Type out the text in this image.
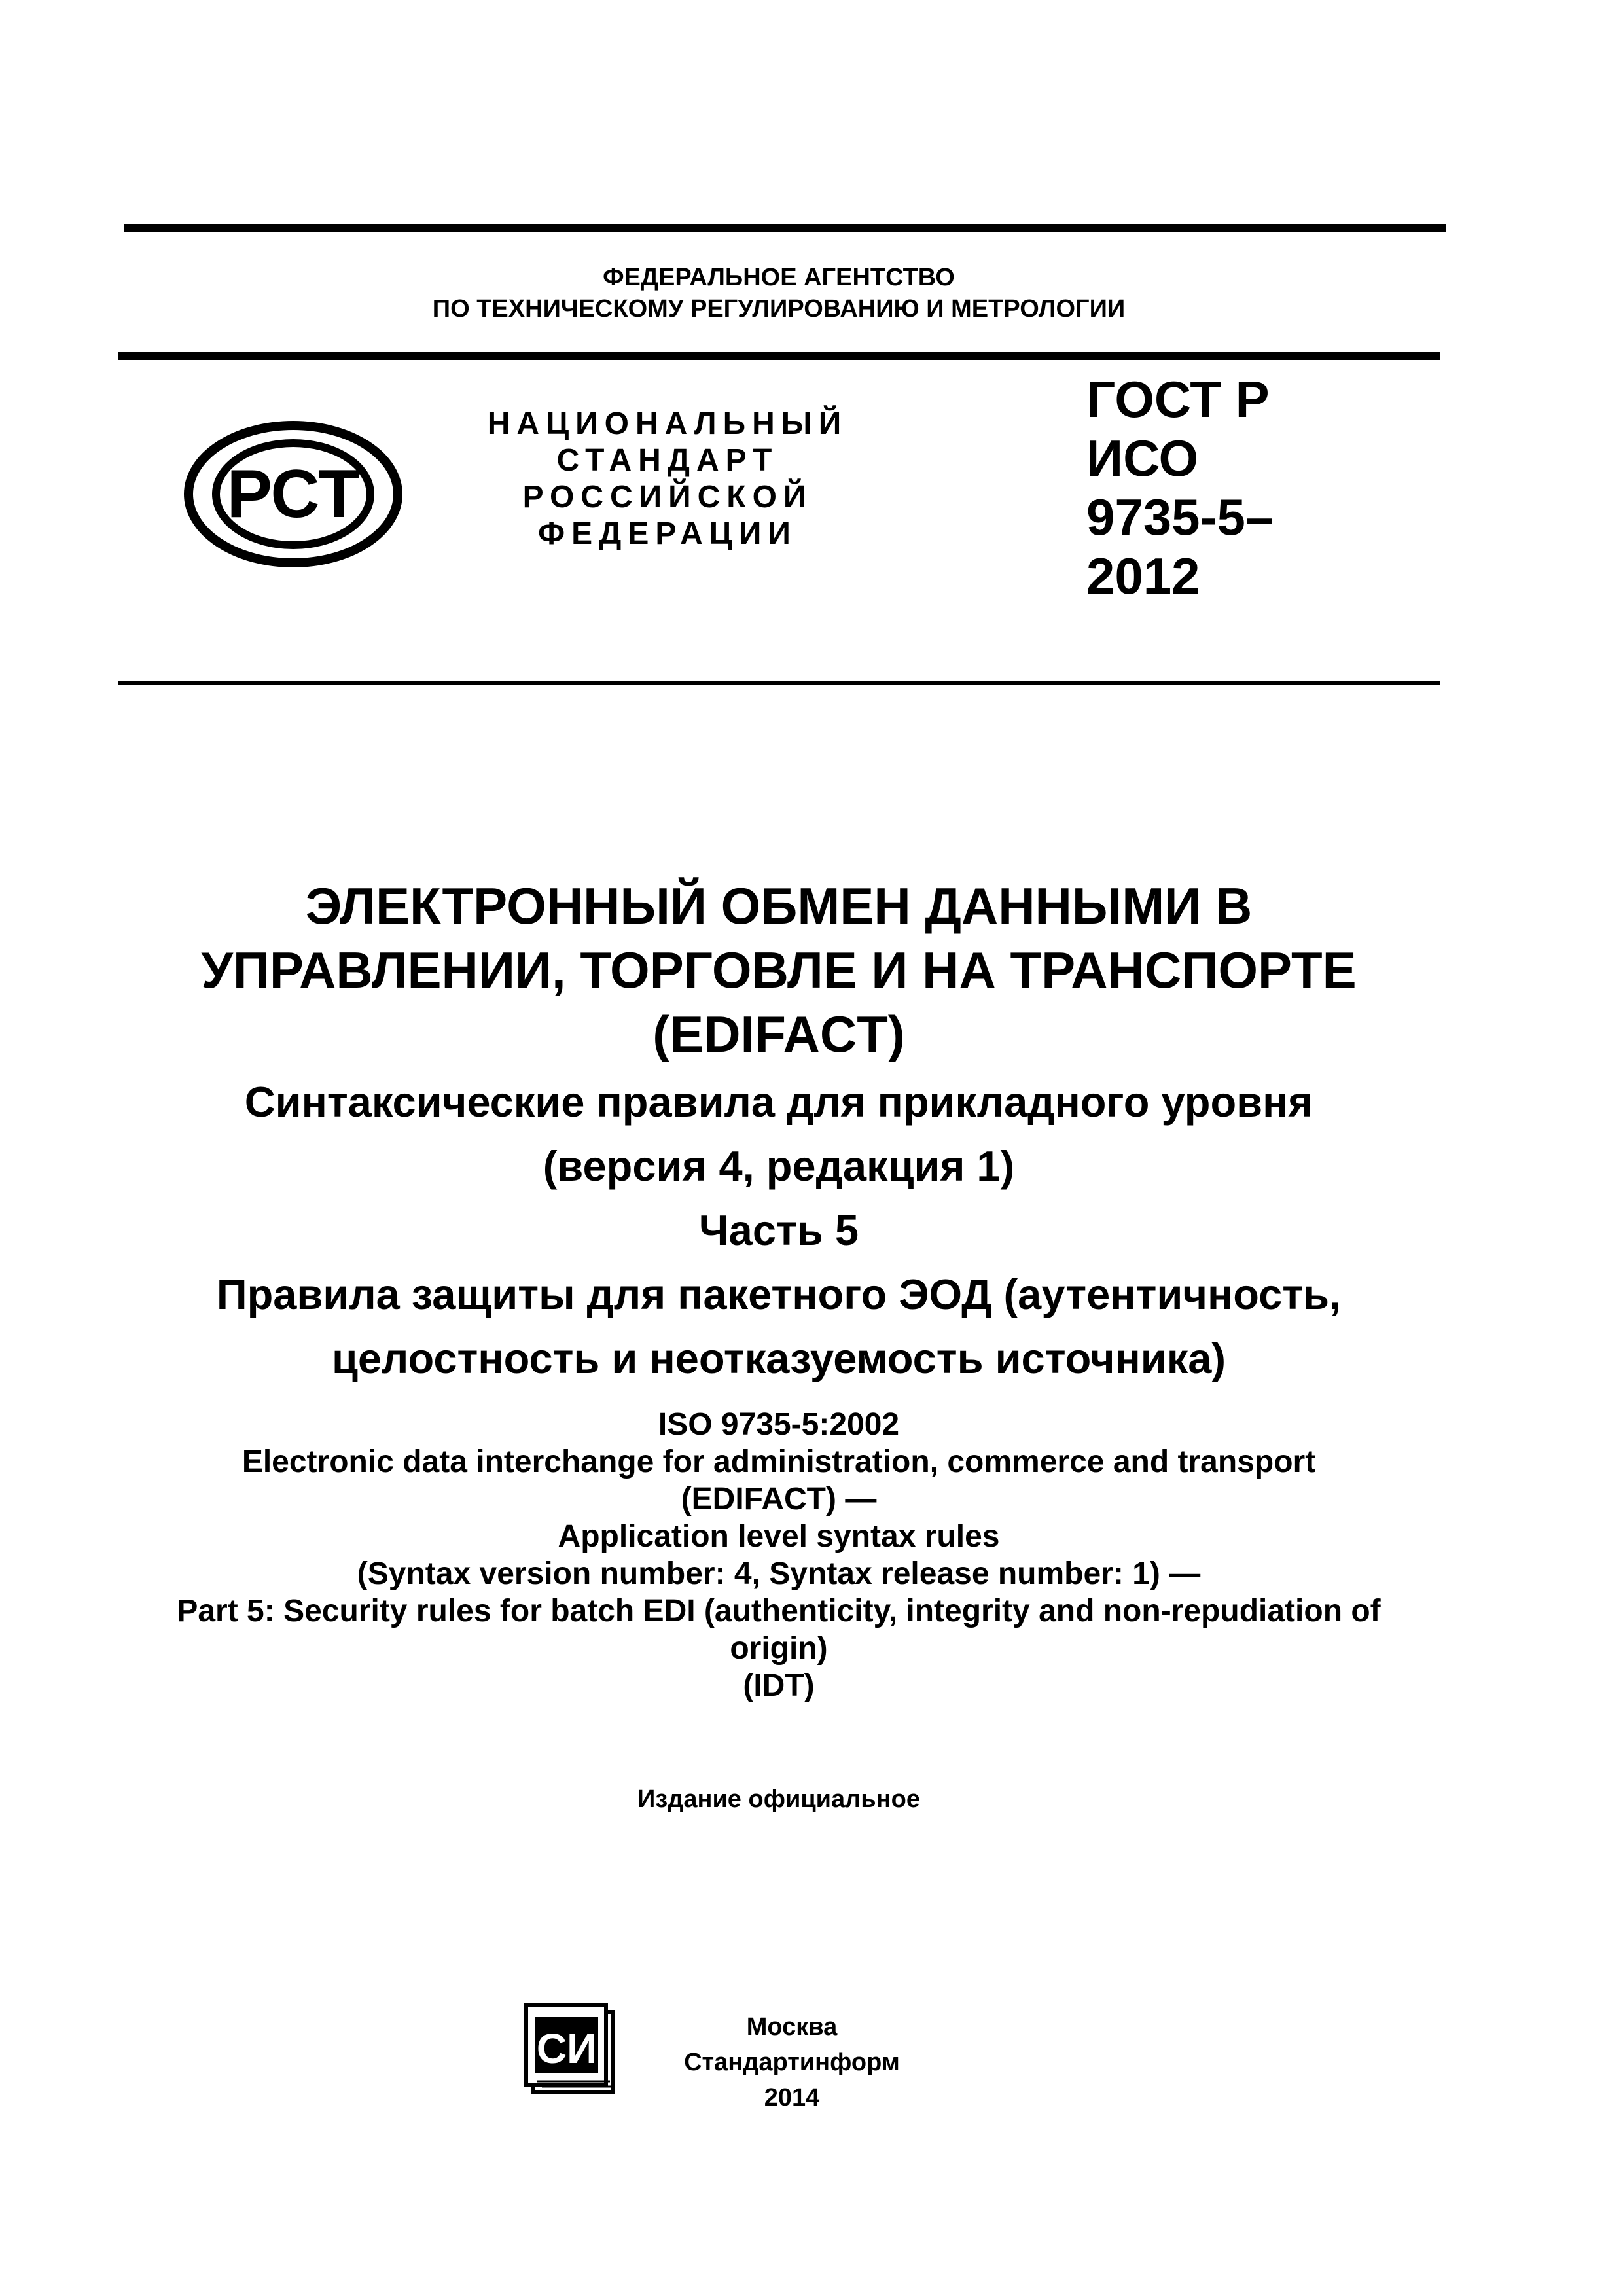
ФЕДЕРАЛЬНОЕ АГЕНТСТВО
ПО ТЕХНИЧЕСКОМУ РЕГУЛИРОВАНИЮ И МЕТРОЛОГИИ
РСТ
НАЦИОНАЛЬНЫЙ
СТАНДАРТ
РОССИЙСКОЙ
ФЕДЕРАЦИИ
ГОСТ Р
ИСО
9735-5–
2012
ЭЛЕКТРОННЫЙ ОБМЕН ДАННЫМИ В
УПРАВЛЕНИИ, ТОРГОВЛЕ И НА ТРАНСПОРТЕ
(EDIFACT)
Синтаксические правила для прикладного уровня
(версия 4, редакция 1)
Часть 5
Правила защиты для пакетного ЭОД (аутентичность,
целостность и неотказуемость источника)
ISO 9735-5:2002
Electronic data interchange for administration, commerce and transport
(EDIFACT) —
Application level syntax rules
(Syntax version number: 4, Syntax release number: 1) —
Part 5: Security rules for batch EDI (authenticity, integrity and non-repudiation of
origin)
(IDT)
Издание официальное
СИ	Москва
Стандартинформ
2014
